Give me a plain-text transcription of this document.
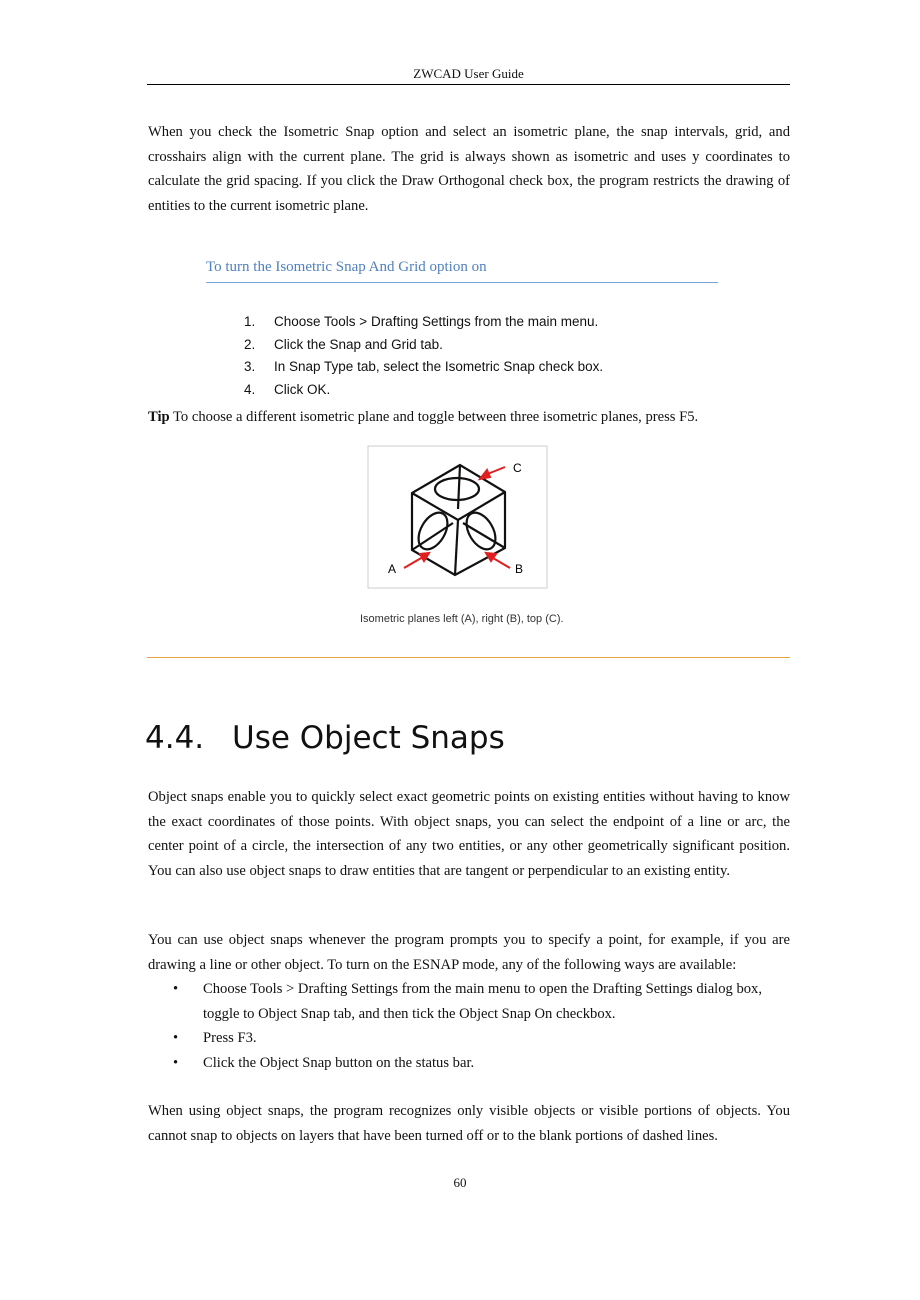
ZWCAD User Guide
When you check the Isometric Snap option and select an isometric plane, the snap intervals, grid, and crosshairs align with the current plane. The grid is always shown as isometric and uses y coordinates to calculate the grid spacing. If you click the Draw Orthogonal check box, the program restricts the drawing of entities to the current isometric plane.
To turn the Isometric Snap And Grid option on
1. Choose Tools > Drafting Settings from the main menu.
2. Click the Snap and Grid tab.
3. In Snap Type tab, select the Isometric Snap check box.
4. Click OK.
Tip To choose a different isometric plane and toggle between three isometric planes, press F5.
C
A	B
Isometric planes left (A), right (B), top (C).
4.4. Use Object Snaps
Object snaps enable you to quickly select exact geometric points on existing entities without having to know the exact coordinates of those points. With object snaps, you can select the endpoint of a line or arc, the center point of a circle, the intersection of any two entities, or any other geometrically significant position. You can also use object snaps to draw entities that are tangent or perpendicular to an existing entity.
You can use object snaps whenever the program prompts you to specify a point, for example, if you are drawing a line or other object. To turn on the ESNAP mode, any of the following ways are available:
• Choose Tools > Drafting Settings from the main menu to open the Drafting Settings dialog box, toggle to Object Snap tab, and then tick the Object Snap On checkbox.
• Press F3.
• Click the Object Snap button on the status bar.
When using object snaps, the program recognizes only visible objects or visible portions of objects. You cannot snap to objects on layers that have been turned off or to the blank portions of dashed lines.
60
